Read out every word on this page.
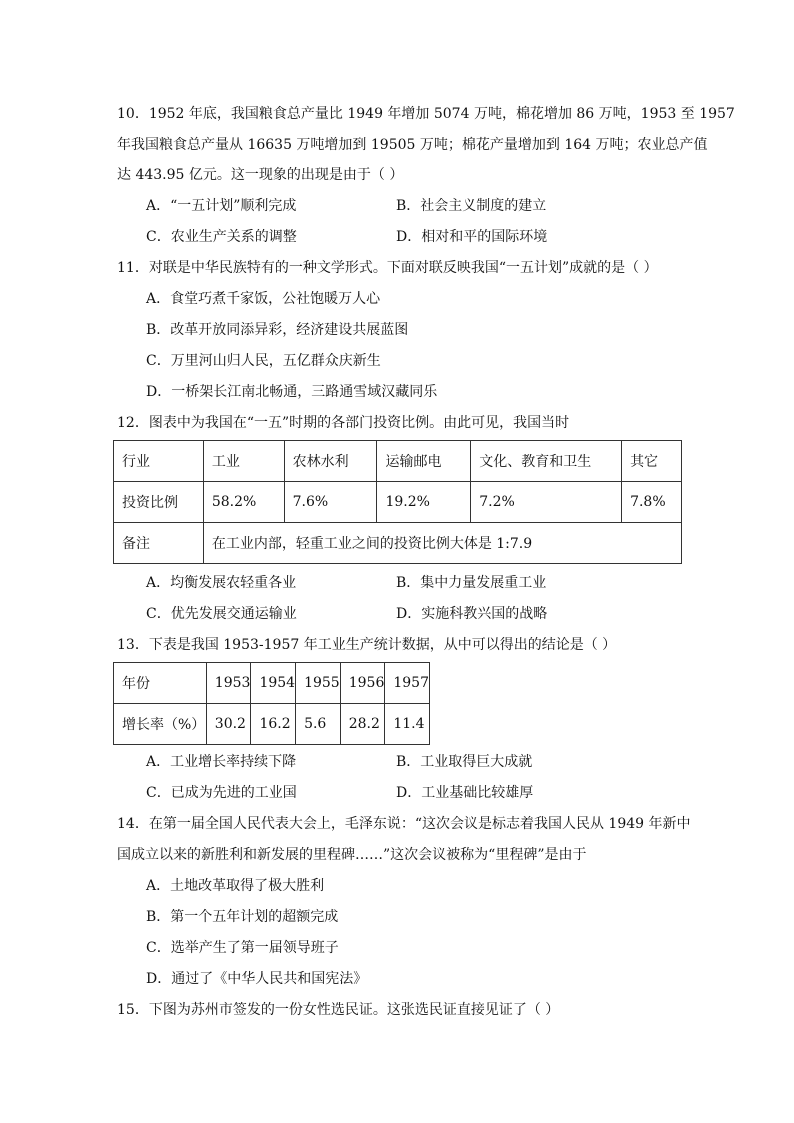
10．1952 年底，我国粮食总产量比 1949 年增加 5074 万吨，棉花增加 86 万吨，1953 至 1957
年我国粮食总产量从 16635 万吨增加到 19505 万吨；棉花产量增加到 164 万吨；农业总产值
达 443.95 亿元。这一现象的出现是由于（ ）
A．“一五计划”顺利完成	B．社会主义制度的建立
C．农业生产关系的调整	D．相对和平的国际环境
11．对联是中华民族特有的一种文学形式。下面对联反映我国“一五计划”成就的是（ ）
A．食堂巧煮千家饭，公社饱暖万人心
B．改革开放同添异彩，经济建设共展蓝图
C．万里河山归人民，五亿群众庆新生
D．一桥架长江南北畅通，三路通雪域汉藏同乐
12．图表中为我国在“一五”时期的各部门投资比例。由此可见，我国当时
行业	工业	农林水利	运输邮电	文化、教育和卫生	其它
投资比例	58.2%	7.6%	19.2%	7.2%	7.8%
备注	在工业内部，轻重工业之间的投资比例大体是 1:7.9				
A．均衡发展农轻重各业	B．集中力量发展重工业
C．优先发展交通运输业	D．实施科教兴国的战略
13．下表是我国 1953-1957 年工业生产统计数据，从中可以得出的结论是（ ）
年份	1953	1954	1955	1956	1957
增长率（%）	30.2	16.2	5.6	28.2	11.4
A．工业增长率持续下降	B．工业取得巨大成就
C．已成为先进的工业国	D．工业基础比较雄厚
14．在第一届全国人民代表大会上，毛泽东说：“这次会议是标志着我国人民从 1949 年新中
国成立以来的新胜利和新发展的里程碑……”这次会议被称为“里程碑”是由于
A．土地改革取得了极大胜利
B．第一个五年计划的超额完成
C．选举产生了第一届领导班子
D．通过了《中华人民共和国宪法》
15．下图为苏州市签发的一份女性选民证。这张选民证直接见证了（ ）
